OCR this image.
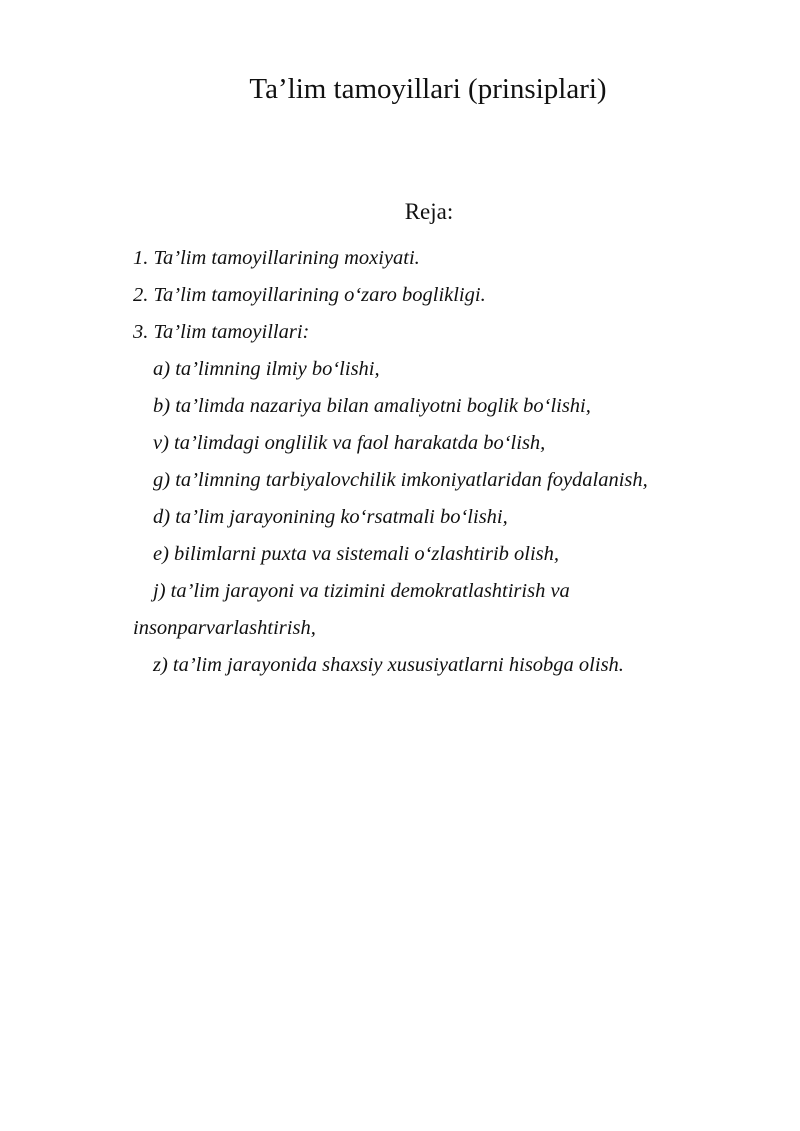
Ta’lim tamoyillari (prinsiplari)

Reja:

1. Ta’lim tamoyillarining moxiyati.
2. Ta’lim tamoyillarining o‘zaro boglikligi.
3. Ta’lim tamoyillari:
a) ta’limning ilmiy bo‘lishi,
b) ta’limda nazariya bilan amaliyotni boglik bo‘lishi,
v) ta’limdagi onglilik va faol harakatda bo‘lish,
g) ta’limning tarbiyalovchilik imkoniyatlaridan foydalanish,
d) ta’lim jarayonining ko‘rsatmali bo‘lishi,
e) bilimlarni puxta va sistemali o‘zlashtirib olish,
j) ta’lim jarayoni va tizimini demokratlashtirish va
insonparvarlashtirish,
z) ta’lim jarayonida shaxsiy xususiyatlarni hisobga olish.
